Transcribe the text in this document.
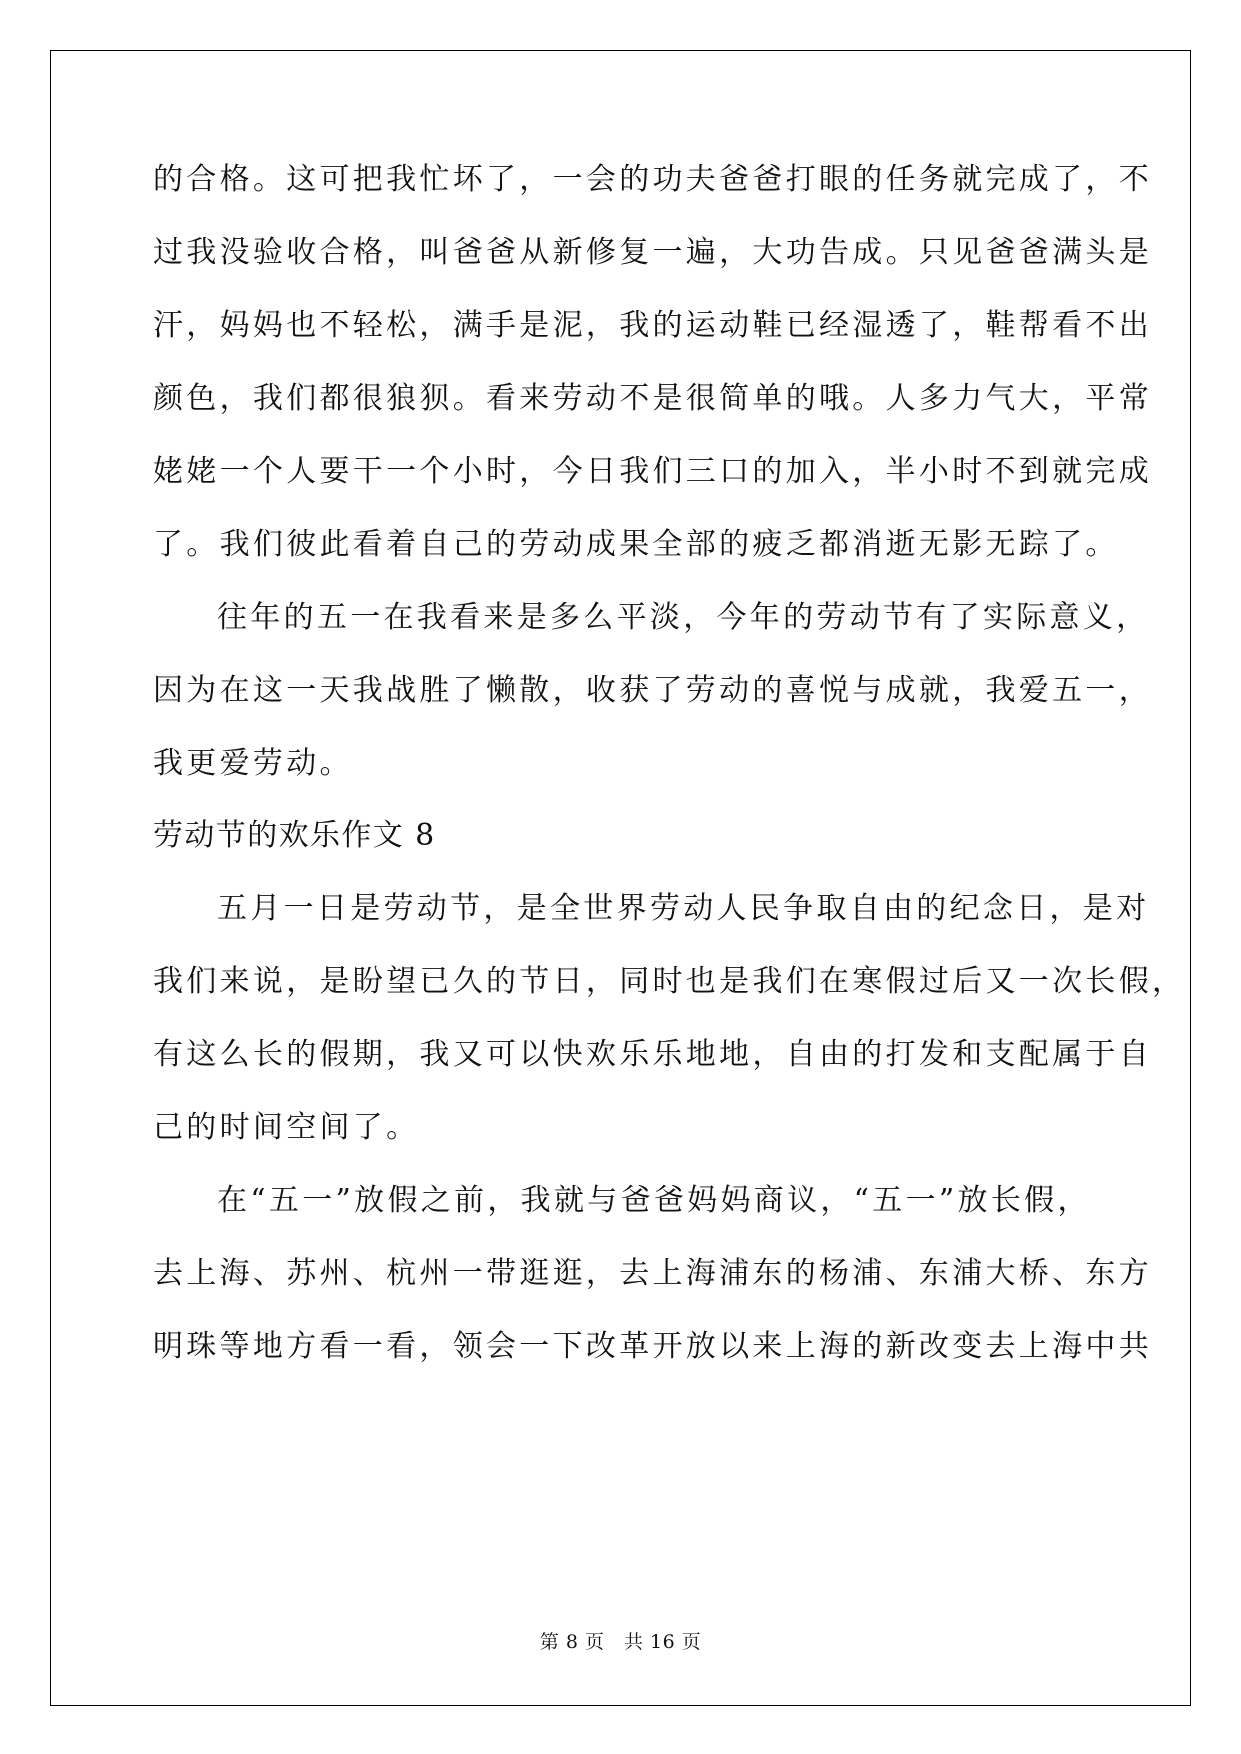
的合格。这可把我忙坏了，一会的功夫爸爸打眼的任务就完成了，不
过我没验收合格，叫爸爸从新修复一遍，大功告成。只见爸爸满头是
汗，妈妈也不轻松，满手是泥，我的运动鞋已经湿透了，鞋帮看不出
颜色，我们都很狼狈。看来劳动不是很简单的哦。人多力气大，平常
姥姥一个人要干一个小时，今日我们三口的加入，半小时不到就完成
了。我们彼此看着自己的劳动成果全部的疲乏都消逝无影无踪了。
往年的五一在我看来是多么平淡，今年的劳动节有了实际意义，
因为在这一天我战胜了懒散，收获了劳动的喜悦与成就，我爱五一，
我更爱劳动。
劳动节的欢乐作文 8
五月一日是劳动节，是全世界劳动人民争取自由的纪念日，是对
我们来说，是盼望已久的节日，同时也是我们在寒假过后又一次长假，
有这么长的假期，我又可以快欢乐乐地地，自由的打发和支配属于自
己的时间空间了。
在“五一”放假之前，我就与爸爸妈妈商议，“五一”放长假，
去上海、苏州、杭州一带逛逛，去上海浦东的杨浦、东浦大桥、东方
明珠等地方看一看，领会一下改革开放以来上海的新改变去上海中共
第 8 页　共 16 页
